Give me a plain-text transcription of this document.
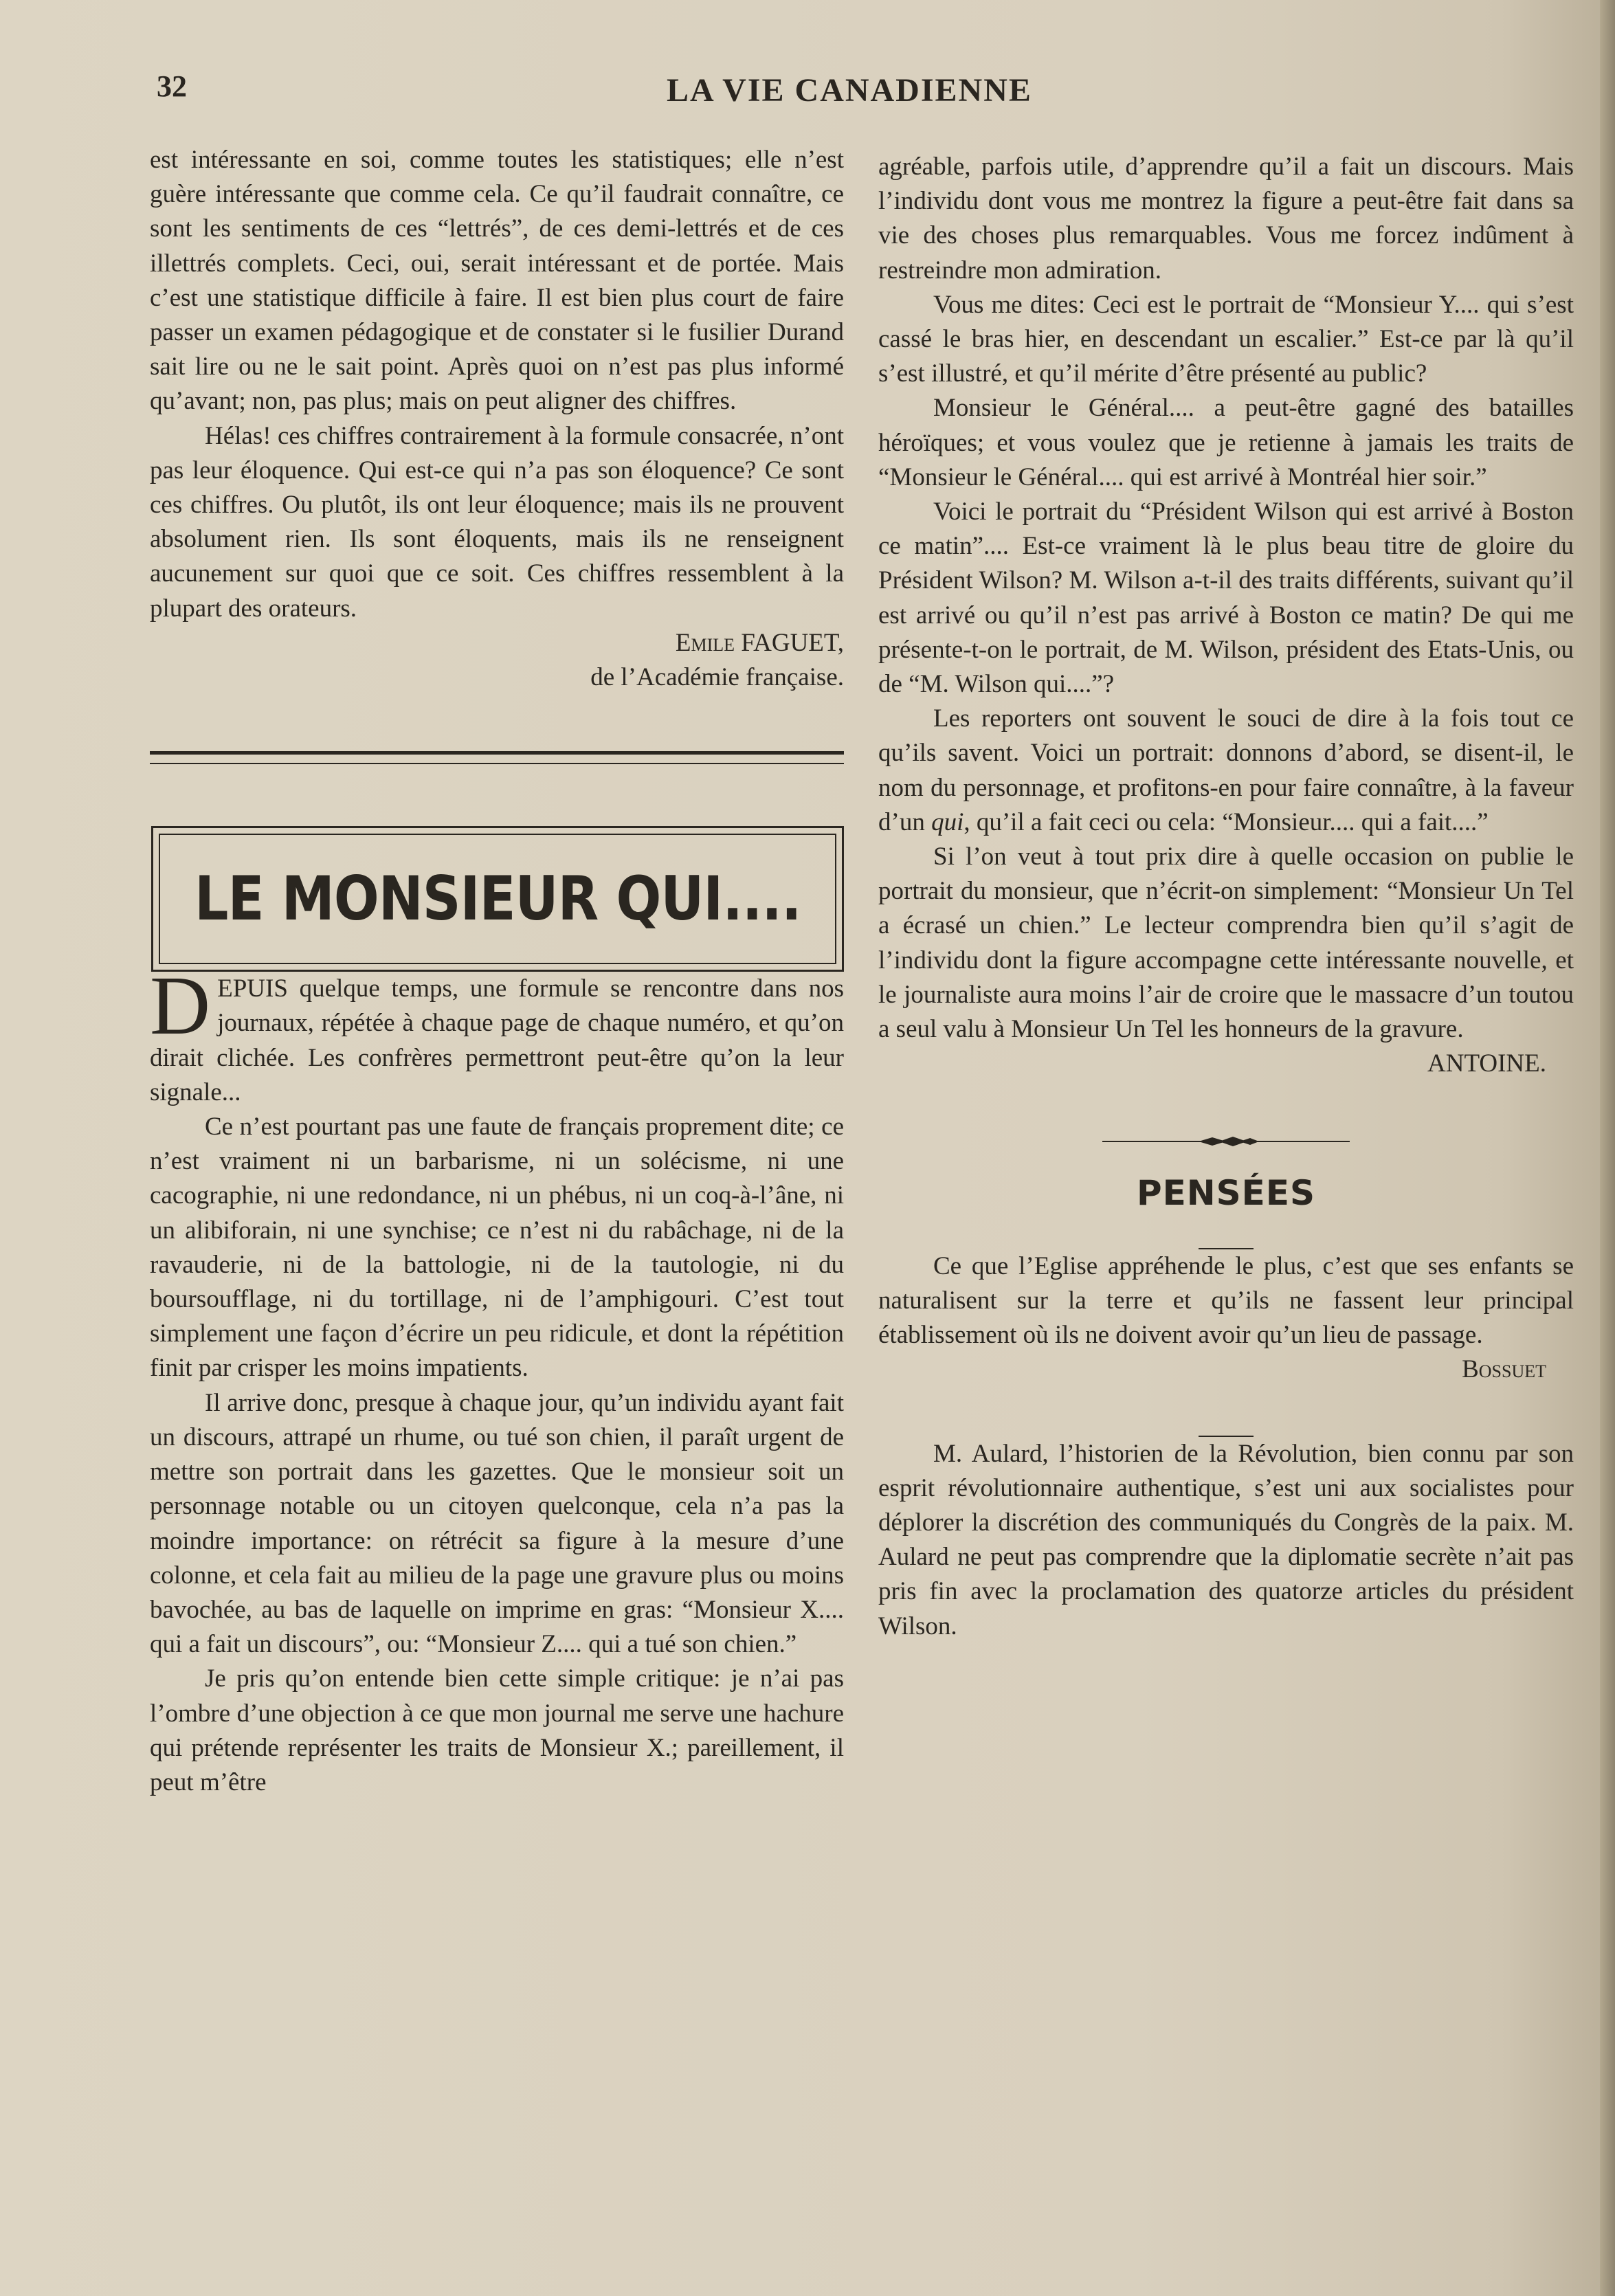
32	LA VIE CANADIENNE

est intéressante en soi, comme toutes les statistiques; elle n’est guère intéressante que comme cela. Ce qu’il faudrait connaître, ce sont les sentiments de ces “lettrés”, de ces demi-lettrés et de ces illettrés complets. Ceci, oui, serait intéressant et de portée. Mais c’est une statistique difficile à faire. Il est bien plus court de faire passer un examen pédagogique et de constater si le fusilier Durand sait lire ou ne le sait point. Après quoi on n’est pas plus informé qu’avant; non, pas plus; mais on peut aligner des chiffres.

Hélas! ces chiffres contrairement à la formule consacrée, n’ont pas leur éloquence. Qui est-ce qui n’a pas son éloquence? Ce sont ces chiffres. Ou plutôt, ils ont leur éloquence; mais ils ne prouvent absolument rien. Ils sont éloquents, mais ils ne renseignent aucunement sur quoi que ce soit. Ces chiffres ressemblent à la plupart des orateurs.

Emile FAGUET,

de l’Académie française.

LE MONSIEUR QUI....

DEPUIS quelque temps, une formule se rencontre dans nos journaux, répétée à chaque page de chaque numéro, et qu’on dirait clichée. Les confrères permettront peut-être qu’on la leur signale...

Ce n’est pourtant pas une faute de français proprement dite; ce n’est vraiment ni un barbarisme, ni un solécisme, ni une cacographie, ni une redondance, ni un phébus, ni un coq-à-l’âne, ni un alibiforain, ni une synchise; ce n’est ni du rabâchage, ni de la ravauderie, ni de la battologie, ni de la tautologie, ni du boursoufflage, ni du tortillage, ni de l’amphigouri. C’est tout simplement une façon d’écrire un peu ridicule, et dont la répétition finit par crisper les moins impatients.

Il arrive donc, presque à chaque jour, qu’un individu ayant fait un discours, attrapé un rhume, ou tué son chien, il paraît urgent de mettre son portrait dans les gazettes. Que le monsieur soit un personnage notable ou un citoyen quelconque, cela n’a pas la moindre importance: on rétrécit sa figure à la mesure d’une colonne, et cela fait au milieu de la page une gravure plus ou moins bavochée, au bas de laquelle on imprime en gras: “Monsieur X.... qui a fait un discours”, ou: “Monsieur Z.... qui a tué son chien.”

Je pris qu’on entende bien cette simple critique: je n’ai pas l’ombre d’une objection à ce que mon journal me serve une hachure qui prétende représenter les traits de Monsieur X.; pareillement, il peut m’être

agréable, parfois utile, d’apprendre qu’il a fait un discours. Mais l’individu dont vous me montrez la figure a peut-être fait dans sa vie des choses plus remarquables. Vous me forcez indûment à restreindre mon admiration.

Vous me dites: Ceci est le portrait de “Monsieur Y.... qui s’est cassé le bras hier, en descendant un escalier.” Est-ce par là qu’il s’est illustré, et qu’il mérite d’être présenté au public?

Monsieur le Général.... a peut-être gagné des batailles héroïques; et vous voulez que je retienne à jamais les traits de “Monsieur le Général.... qui est arrivé à Montréal hier soir.”

Voici le portrait du “Président Wilson qui est arrivé à Boston ce matin”.... Est-ce vraiment là le plus beau titre de gloire du Président Wilson? M. Wilson a-t-il des traits différents, suivant qu’il est arrivé ou qu’il n’est pas arrivé à Boston ce matin? De qui me présente-t-on le portrait, de M. Wilson, président des Etats-Unis, ou de “M. Wilson qui....”?

Les reporters ont souvent le souci de dire à la fois tout ce qu’ils savent. Voici un portrait: donnons d’abord, se disent-il, le nom du personnage, et profitons-en pour faire connaître, à la faveur d’un qui, qu’il a fait ceci ou cela: “Monsieur.... qui a fait....”

Si l’on veut à tout prix dire à quelle occasion on publie le portrait du monsieur, que n’écrit-on simplement: “Monsieur Un Tel a écrasé un chien.” Le lecteur comprendra bien qu’il s’agit de l’individu dont la figure accompagne cette intéressante nouvelle, et le journaliste aura moins l’air de croire que le massacre d’un toutou a seul valu à Monsieur Un Tel les honneurs de la gravure.

ANTOINE.

PENSÉES

Ce que l’Eglise appréhende le plus, c’est que ses enfants se naturalisent sur la terre et qu’ils ne fassent leur principal établissement où ils ne doivent avoir qu’un lieu de passage.

Bossuet

M. Aulard, l’historien de la Révolution, bien connu par son esprit révolutionnaire authentique, s’est uni aux socialistes pour déplorer la discrétion des communiqués du Congrès de la paix. M. Aulard ne peut pas comprendre que la diplomatie secrète n’ait pas pris fin avec la proclamation des quatorze articles du président Wilson.
